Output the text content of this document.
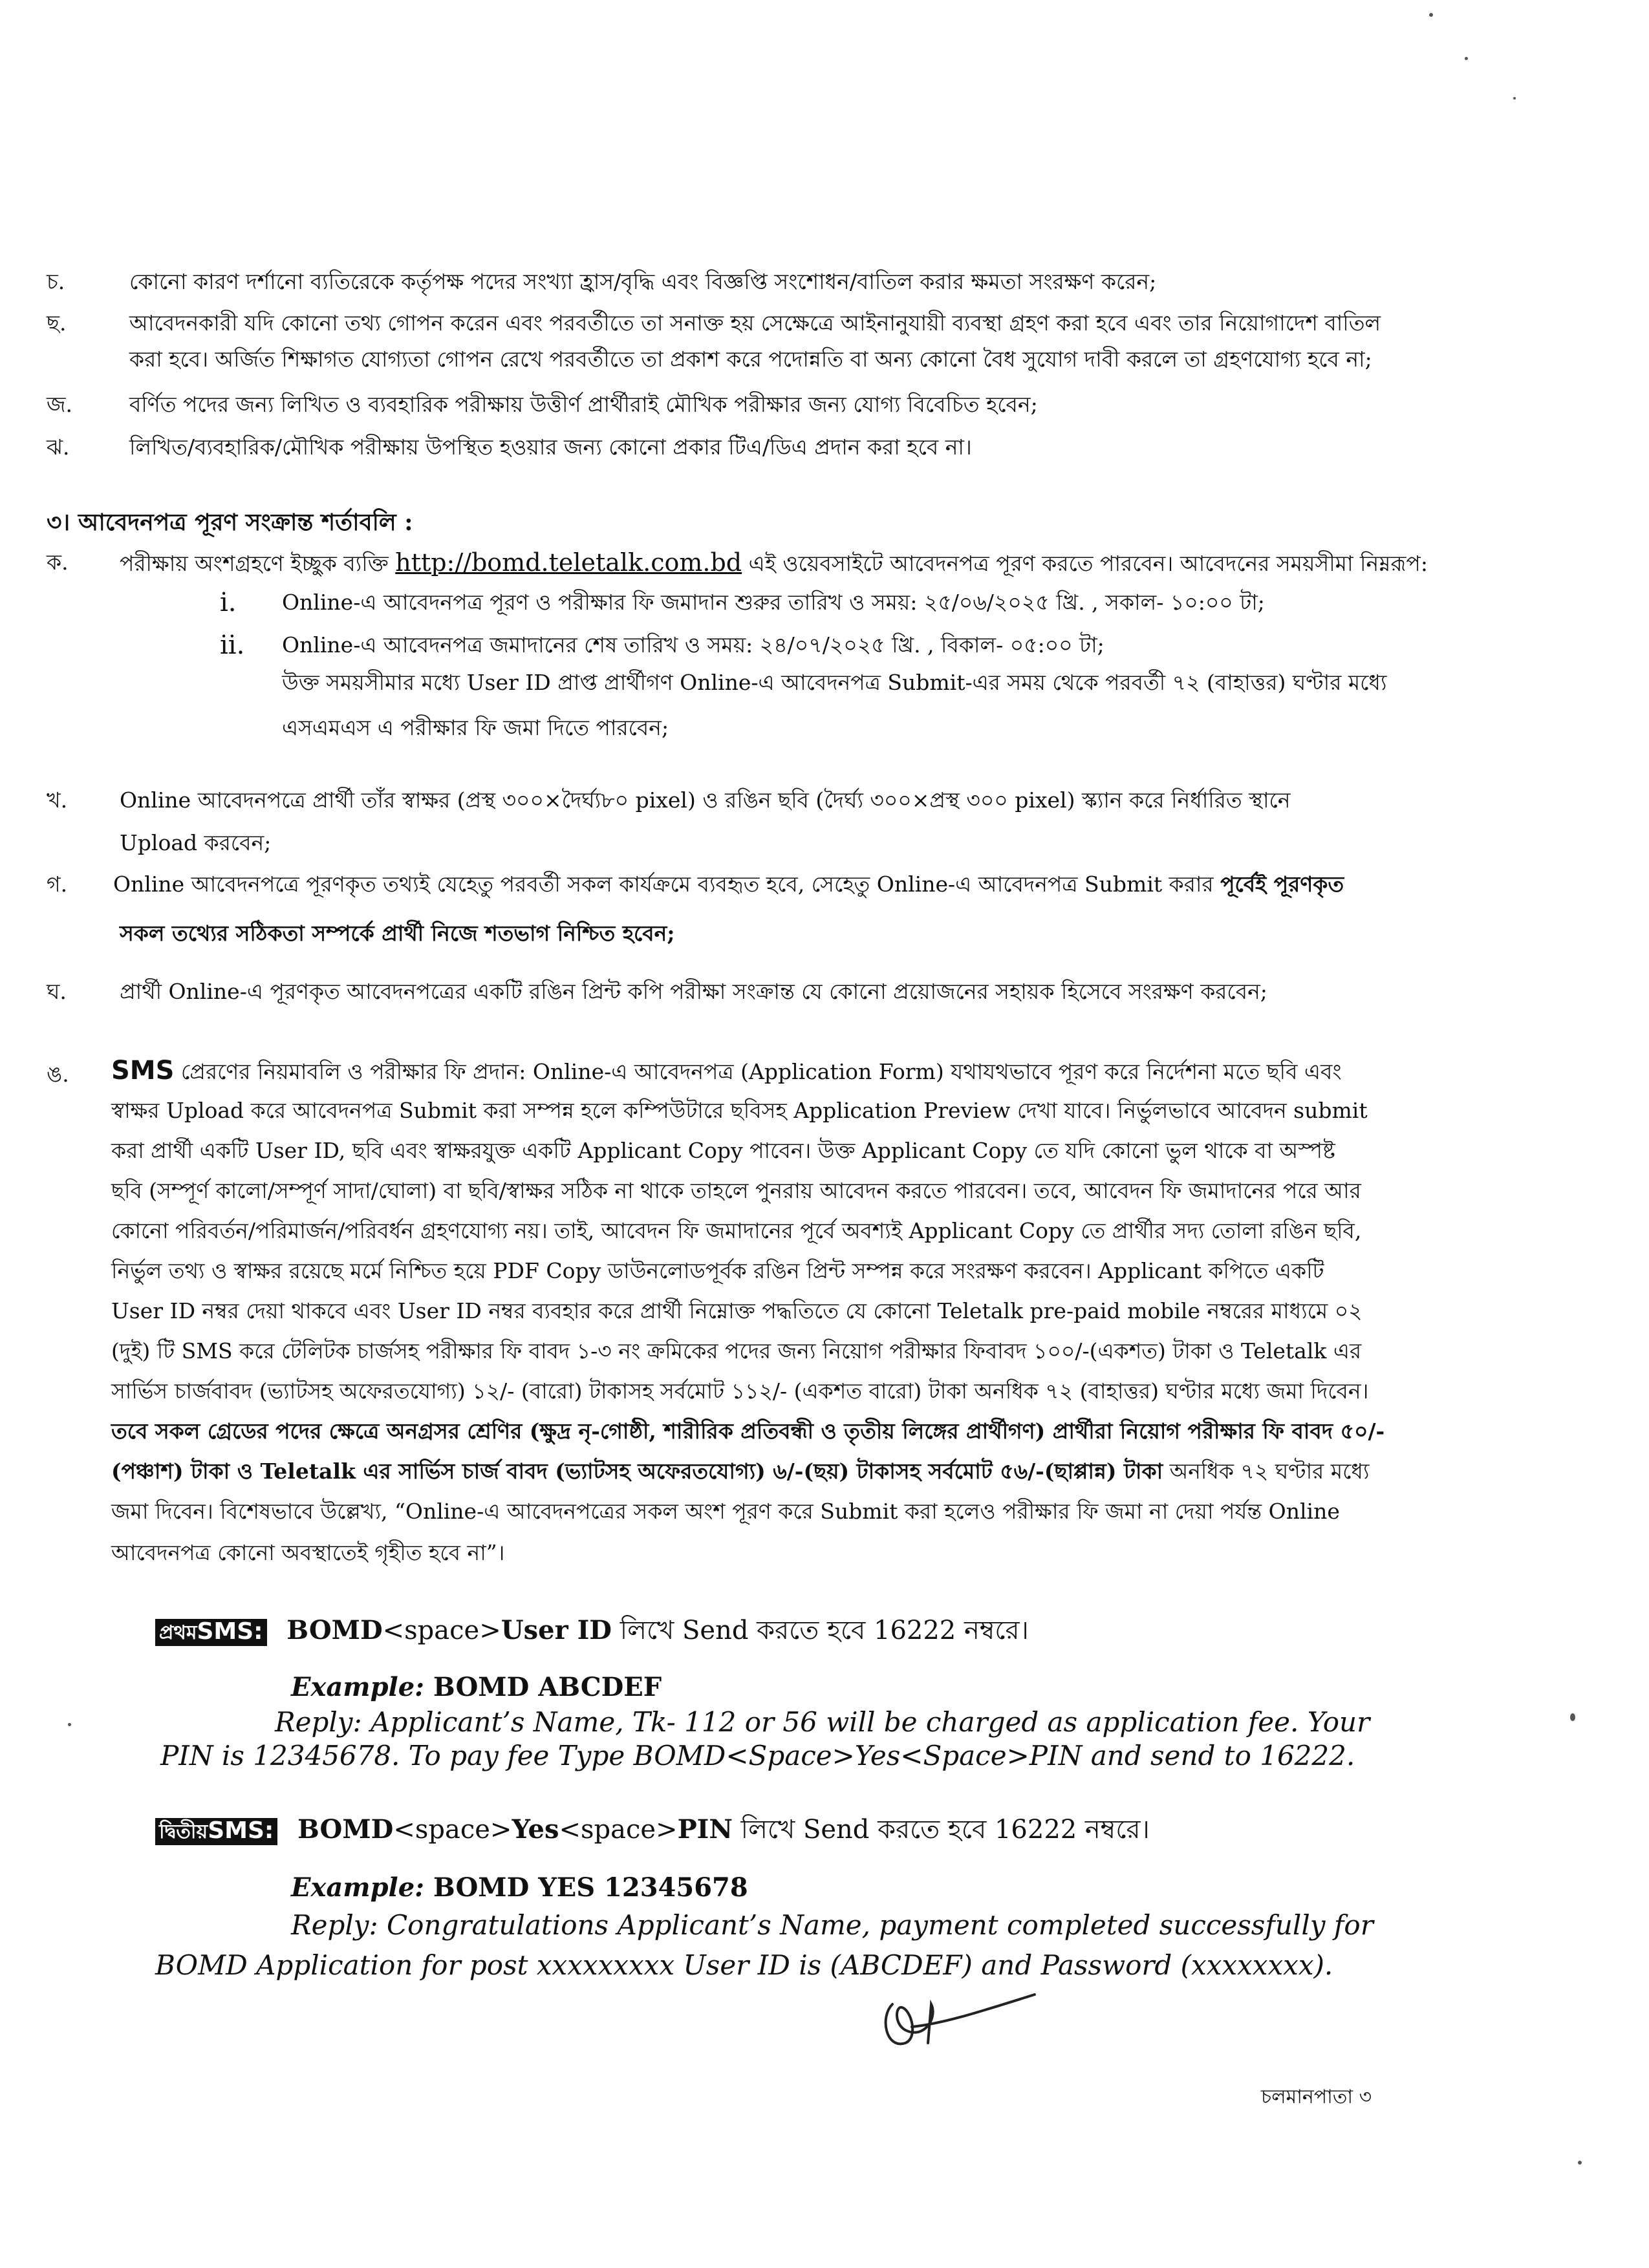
চ.	কোনো কারণ দর্শানো ব্যতিরেকে কর্তৃপক্ষ পদের সংখ্যা হ্রাস/বৃদ্ধি এবং বিজ্ঞপ্তি সংশোধন/বাতিল করার ক্ষমতা সংরক্ষণ করেন;
ছ.	আবেদনকারী যদি কোনো তথ্য গোপন করেন এবং পরবর্তীতে তা সনাক্ত হয় সেক্ষেত্রে আইনানুযায়ী ব্যবস্থা গ্রহণ করা হবে এবং তার নিয়োগাদেশ বাতিল
করা হবে। অর্জিত শিক্ষাগত যোগ্যতা গোপন রেখে পরবর্তীতে তা প্রকাশ করে পদোন্নতি বা অন্য কোনো বৈধ সুযোগ দাবী করলে তা গ্রহণযোগ্য হবে না;
জ.	বর্ণিত পদের জন্য লিখিত ও ব্যবহারিক পরীক্ষায় উত্তীর্ণ প্রার্থীরাই মৌখিক পরীক্ষার জন্য যোগ্য বিবেচিত হবেন;
ঝ.	লিখিত/ব্যবহারিক/মৌখিক পরীক্ষায় উপস্থিত হওয়ার জন্য কোনো প্রকার টিএ/ডিএ প্রদান করা হবে না।
৩। আবেদনপত্র পূরণ সংক্রান্ত শর্তাবলি :
ক. পরীক্ষায় অংশগ্রহণে ইচ্ছুক ব্যক্তি http://bomd.teletalk.com.bd এই ওয়েবসাইটে আবেদনপত্র পূরণ করতে পারবেন। আবেদনের সময়সীমা নিম্নরূপ:
i. Online-এ আবেদনপত্র পূরণ ও পরীক্ষার ফি জমাদান শুরুর তারিখ ও সময়: ২৫/০৬/২০২৫ খ্রি. , সকাল- ১০:০০ টা;
ii. Online-এ আবেদনপত্র জমাদানের শেষ তারিখ ও সময়: ২৪/০৭/২০২৫ খ্রি. , বিকাল- ০৫:০০ টা;
উক্ত সময়সীমার মধ্যে User ID প্রাপ্ত প্রার্থীগণ Online-এ আবেদনপত্র Submit-এর সময় থেকে পরবর্তী ৭২ (বাহাত্তর) ঘণ্টার মধ্যে
এসএমএস এ পরীক্ষার ফি জমা দিতে পারবেন;
খ. Online আবেদনপত্রে প্রার্থী তাঁর স্বাক্ষর (প্রস্থ ৩০০×দৈর্ঘ্য৮০ pixel) ও রঙিন ছবি (দৈর্ঘ্য ৩০০×প্রস্থ ৩০০ pixel) স্ক্যান করে নির্ধারিত স্থানে
Upload করবেন;
গ. Online আবেদনপত্রে পূরণকৃত তথ্যই যেহেতু পরবর্তী সকল কার্যক্রমে ব্যবহৃত হবে, সেহেতু Online-এ আবেদনপত্র Submit করার পূর্বেই পূরণকৃত
সকল তথ্যের সঠিকতা সম্পর্কে প্রার্থী নিজে শতভাগ নিশ্চিত হবেন;
ঘ. প্রার্থী Online-এ পূরণকৃত আবেদনপত্রের একটি রঙিন প্রিন্ট কপি পরীক্ষা সংক্রান্ত যে কোনো প্রয়োজনের সহায়ক হিসেবে সংরক্ষণ করবেন;
ঙ. SMS প্রেরণের নিয়মাবলি ও পরীক্ষার ফি প্রদান: Online-এ আবেদনপত্র (Application Form) যথাযথভাবে পূরণ করে নির্দেশনা মতে ছবি এবং
স্বাক্ষর Upload করে আবেদনপত্র Submit করা সম্পন্ন হলে কম্পিউটারে ছবিসহ Application Preview দেখা যাবে। নির্ভুলভাবে আবেদন submit
করা প্রার্থী একটি User ID, ছবি এবং স্বাক্ষরযুক্ত একটি Applicant Copy পাবেন। উক্ত Applicant Copy তে যদি কোনো ভুল থাকে বা অস্পষ্ট
ছবি (সম্পূর্ণ কালো/সম্পূর্ণ সাদা/ঘোলা) বা ছবি/স্বাক্ষর সঠিক না থাকে তাহলে পুনরায় আবেদন করতে পারবেন। তবে, আবেদন ফি জমাদানের পরে আর
কোনো পরিবর্তন/পরিমার্জন/পরিবর্ধন গ্রহণযোগ্য নয়। তাই, আবেদন ফি জমাদানের পূর্বে অবশ্যই Applicant Copy তে প্রার্থীর সদ্য তোলা রঙিন ছবি,
নির্ভুল তথ্য ও স্বাক্ষর রয়েছে মর্মে নিশ্চিত হয়ে PDF Copy ডাউনলোডপূর্বক রঙিন প্রিন্ট সম্পন্ন করে সংরক্ষণ করবেন। Applicant কপিতে একটি
User ID নম্বর দেয়া থাকবে এবং User ID নম্বর ব্যবহার করে প্রার্থী নিম্নোক্ত পদ্ধতিতে যে কোনো Teletalk pre-paid mobile নম্বরের মাধ্যমে ০২
(দুই) টি SMS করে টেলিটক চার্জসহ পরীক্ষার ফি বাবদ ১-৩ নং ক্রমিকের পদের জন্য নিয়োগ পরীক্ষার ফিবাবদ ১০০/-(একশত) টাকা ও Teletalk এর
সার্ভিস চার্জবাবদ (ভ্যাটসহ অফেরতযোগ্য) ১২/- (বারো) টাকাসহ সর্বমোট ১১২/- (একশত বারো) টাকা অনধিক ৭২ (বাহাত্তর) ঘণ্টার মধ্যে জমা দিবেন।
তবে সকল গ্রেডের পদের ক্ষেত্রে অনগ্রসর শ্রেণির (ক্ষুদ্র নৃ-গোষ্ঠী, শারীরিক প্রতিবন্ধী ও তৃতীয় লিঙ্গের প্রার্থীগণ) প্রার্থীরা নিয়োগ পরীক্ষার ফি বাবদ ৫০/-
(পঞ্চাশ) টাকা ও Teletalk এর সার্ভিস চার্জ বাবদ (ভ্যাটসহ অফেরতযোগ্য) ৬/-(ছয়) টাকাসহ সর্বমোট ৫৬/-(ছাপ্পান্ন) টাকা অনধিক ৭২ ঘণ্টার মধ্যে
জমা দিবেন। বিশেষভাবে উল্লেখ্য, “Online-এ আবেদনপত্রের সকল অংশ পূরণ করে Submit করা হলেও পরীক্ষার ফি জমা না দেয়া পর্যন্ত Online
আবেদনপত্র কোনো অবস্থাতেই গৃহীত হবে না”।
প্রথমSMS: BOMD<space>User ID লিখে Send করতে হবে 16222 নম্বরে।
Example: BOMD ABCDEF
Reply: Applicant’s Name, Tk- 112 or 56 will be charged as application fee. Your
PIN is 12345678. To pay fee Type BOMD<Space>Yes<Space>PIN and send to 16222.
দ্বিতীয়SMS: BOMD<space>Yes<space>PIN লিখে Send করতে হবে 16222 নম্বরে।
Example: BOMD YES 12345678
Reply: Congratulations Applicant’s Name, payment completed successfully for
BOMD Application for post xxxxxxxxx User ID is (ABCDEF) and Password (xxxxxxxx).
চলমানপাতা ৩
